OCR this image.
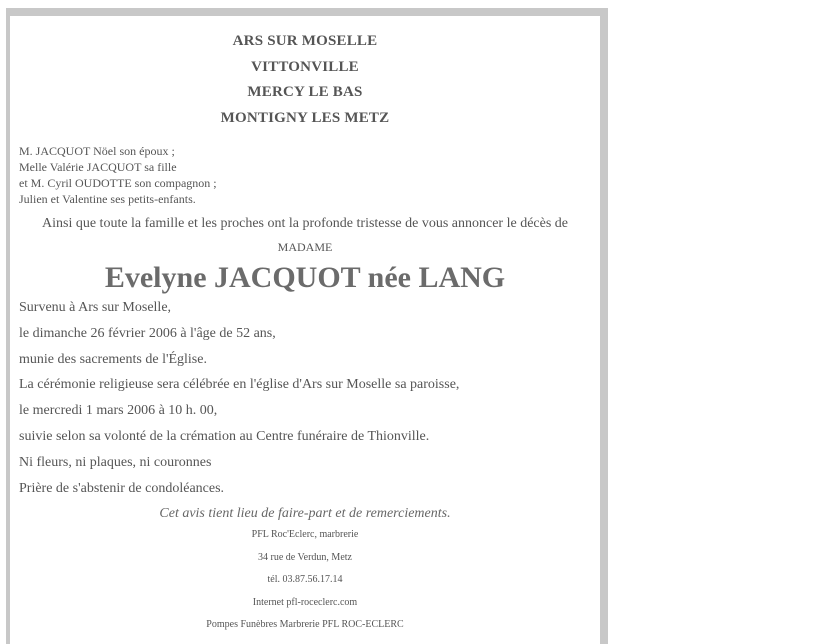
ARS SUR MOSELLE
VITTONVILLE
MERCY LE BAS
MONTIGNY LES METZ
M. JACQUOT Nöel son époux ;
Melle Valérie JACQUOT sa fille
et M. Cyril OUDOTTE son compagnon ;
Julien et Valentine ses petits-enfants.
Ainsi que toute la famille et les proches ont la profonde tristesse de vous annoncer le décès de
MADAME
Evelyne JACQUOT née LANG
Survenu à Ars sur Moselle,
le dimanche 26 février 2006 à l'âge de 52 ans,
munie des sacrements de l'Église.
La cérémonie religieuse sera célébrée en l'église d'Ars sur Moselle sa paroisse,
le mercredi 1 mars 2006 à 10 h. 00,
suivie selon sa volonté de la crémation au Centre funéraire de Thionville.
Ni fleurs, ni plaques, ni couronnes
Prière de s'abstenir de condoléances.
Cet avis tient lieu de faire-part et de remerciements.
PFL Roc'Eclerc, marbrerie
34 rue de Verdun, Metz
tél. 03.87.56.17.14
Internet pfl-roceclerc.com
Pompes Funèbres Marbrerie PFL ROC-ECLERC
